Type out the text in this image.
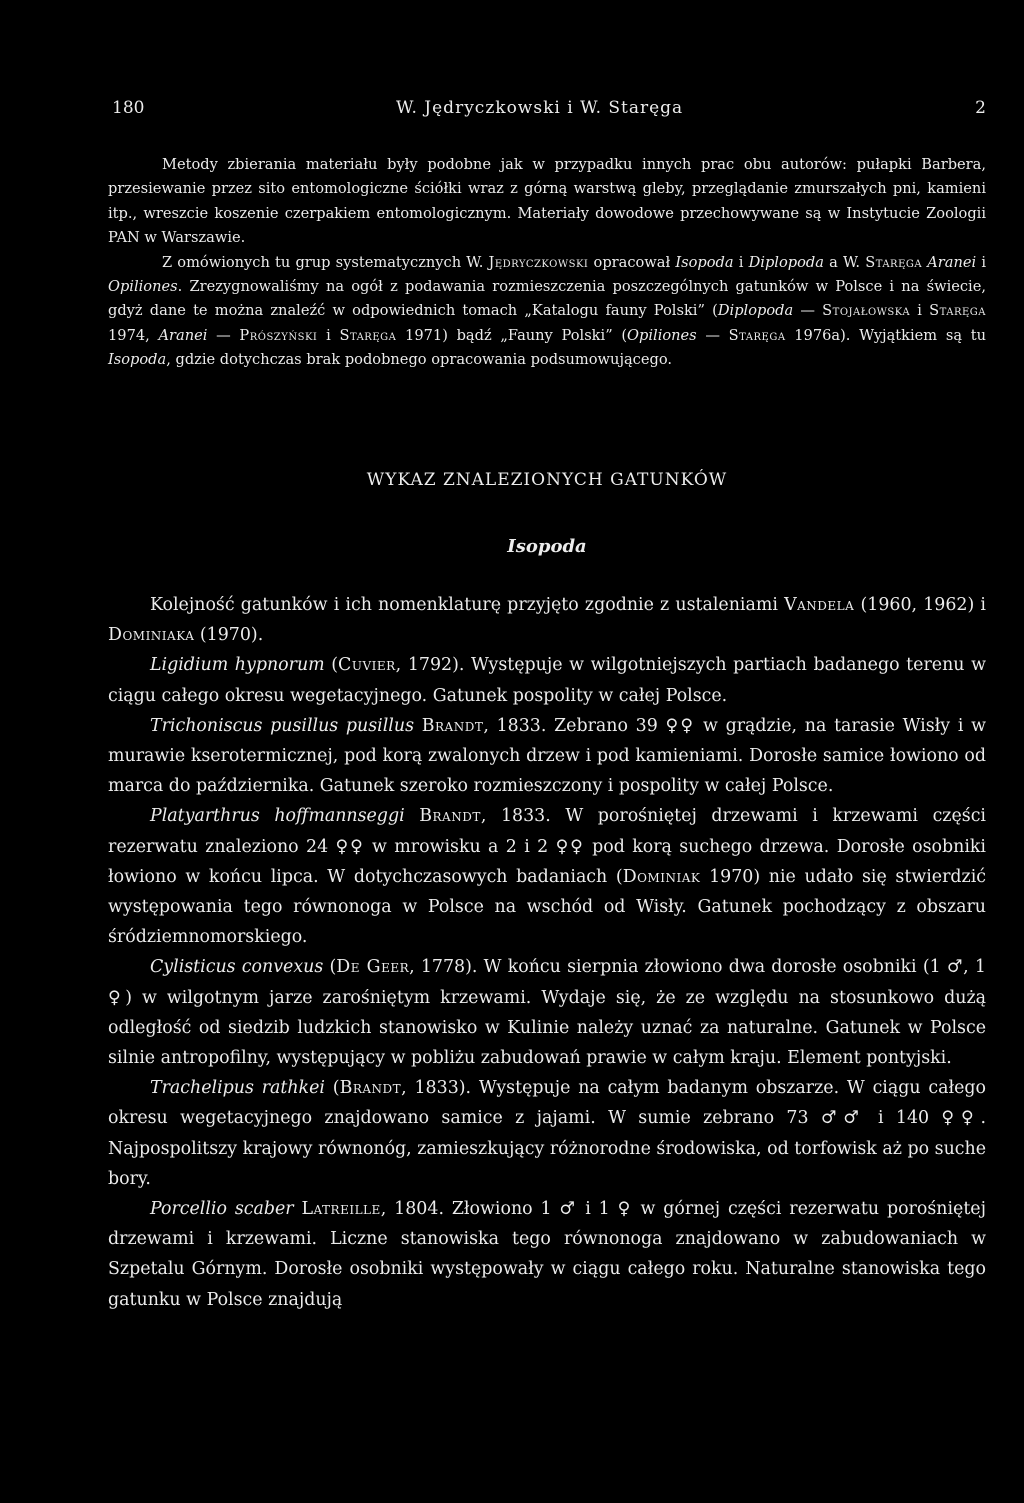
180	W. Jędryczkowski i W. Staręga	2

Metody zbierania materiału były podobne jak w przypadku innych prac obu autorów: pułapki Barbera, przesiewanie przez sito entomologiczne ściółki wraz z górną warstwą gleby, przeglądanie zmurszałych pni, kamieni itp., wreszcie koszenie czerpakiem entomologicznym. Materiały dowodowe przechowywane są w Instytucie Zoologii PAN w Warszawie.

Z omówionych tu grup systematycznych W. Jędryczkowski opracował Isopoda i Diplopoda a W. Staręga Aranei i Opiliones. Zrezygnowaliśmy na ogół z podawania rozmieszczenia poszczególnych gatunków w Polsce i na świecie, gdyż dane te można znaleźć w odpowiednich tomach „Katalogu fauny Polski” (Diplopoda — Stojałowska i Staręga 1974, Aranei — Prószyński i Staręga 1971) bądź „Fauny Polski” (Opiliones — Staręga 1976a). Wyjątkiem są tu Isopoda, gdzie dotychczas brak podobnego opracowania podsumowującego.

WYKAZ ZNALEZIONYCH GATUNKÓW
Isopoda

Kolejność gatunków i ich nomenklaturę przyjęto zgodnie z ustaleniami Vandela (1960, 1962) i Dominiaka (1970).

Ligidium hypnorum (Cuvier, 1792). Występuje w wilgotniejszych partiach badanego terenu w ciągu całego okresu wegetacyjnego. Gatunek pospolity w całej Polsce.

Trichoniscus pusillus pusillus Brandt, 1833. Zebrano 39 ♀♀ w grądzie, na tarasie Wisły i w murawie kserotermicznej, pod korą zwalonych drzew i pod kamieniami. Dorosłe samice łowiono od marca do października. Gatunek szeroko rozmieszczony i pospolity w całej Polsce.

Platyarthrus hoffmannseggi Brandt, 1833. W porośniętej drzewami i krzewami części rezerwatu znaleziono 24 ♀♀ w mrowisku a 2 i 2 ♀♀ pod korą suchego drzewa. Dorosłe osobniki łowiono w końcu lipca. W dotychczasowych badaniach (Dominiak 1970) nie udało się stwierdzić występowania tego równonoga w Polsce na wschód od Wisły. Gatunek pochodzący z obszaru śródziemnomorskiego.

Cylisticus convexus (De Geer, 1778). W końcu sierpnia złowiono dwa dorosłe osobniki (1 ♂, 1 ♀) w wilgotnym jarze zarośniętym krzewami. Wydaje się, że ze względu na stosunkowo dużą odległość od siedzib ludzkich stanowisko w Kulinie należy uznać za naturalne. Gatunek w Polsce silnie antropofilny, występujący w pobliżu zabudowań prawie w całym kraju. Element pontyjski.

Trachelipus rathkei (Brandt, 1833). Występuje na całym badanym obszarze. W ciągu całego okresu wegetacyjnego znajdowano samice z jajami. W sumie zebrano 73 ♂♂ i 140 ♀♀. Najpospolitszy krajowy równonóg, zamieszkujący różnorodne środowiska, od torfowisk aż po suche bory.

Porcellio scaber Latreille, 1804. Złowiono 1 ♂ i 1 ♀ w górnej części rezerwatu porośniętej drzewami i krzewami. Liczne stanowiska tego równonoga znajdowano w zabudowaniach w Szpetalu Górnym. Dorosłe osobniki występowały w ciągu całego roku. Naturalne stanowiska tego gatunku w Polsce znajdują
